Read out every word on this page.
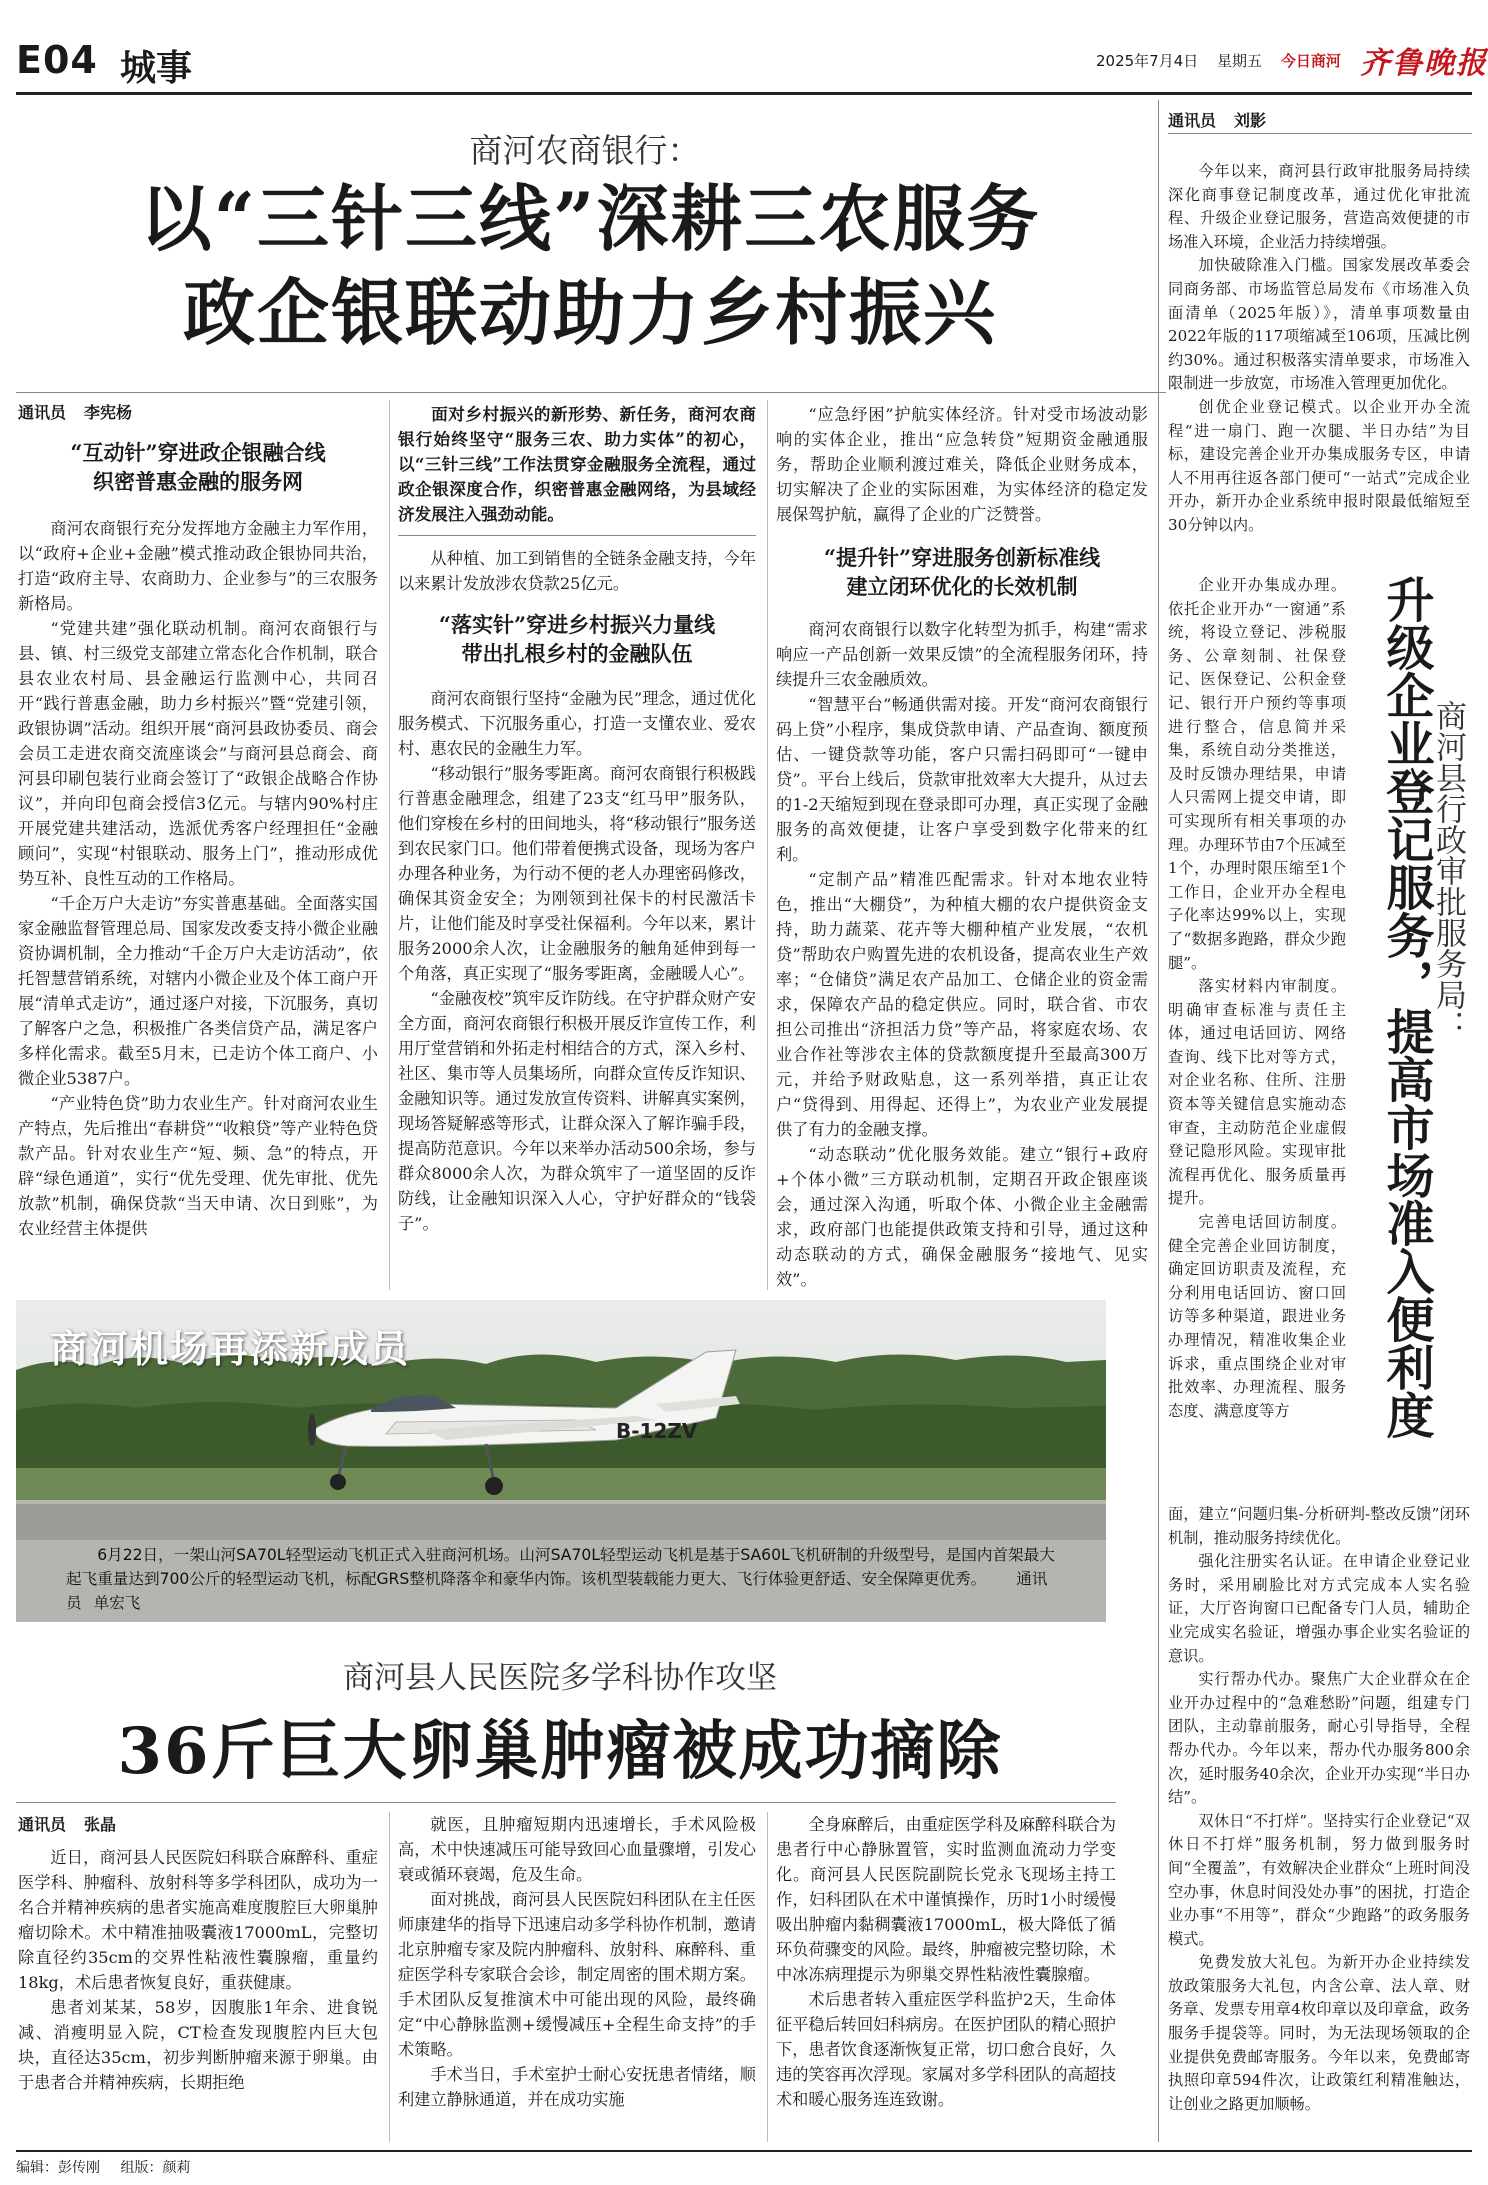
E04 城事	2025年7月4日 星期五 今日商河 齐鲁晚报
商河农商银行：
以“三针三线”深耕三农服务
政企银联动助力乡村振兴
通讯员 李宪杨
“互动针”穿进政企银融合线
织密普惠金融的服务网

商河农商银行充分发挥地方金融主力军作用，以“政府+企业+金融”模式推动政企银协同共治，打造“政府主导、农商助力、企业参与”的三农服务新格局。

“党建共建”强化联动机制。商河农商银行与县、镇、村三级党支部建立常态化合作机制，联合县农业农村局、县金融运行监测中心，共同召开“践行普惠金融，助力乡村振兴”暨“党建引领，政银协调”活动。组织开展“商河县政协委员、商会会员工走进农商交流座谈会”与商河县总商会、商河县印刷包装行业商会签订了“政银企战略合作协议”，并向印包商会授信3亿元。与辖内90%村庄开展党建共建活动，选派优秀客户经理担任“金融顾问”，实现“村银联动、服务上门”，推动形成优势互补、良性互动的工作格局。

“千企万户大走访”夯实普惠基础。全面落实国家金融监督管理总局、国家发改委支持小微企业融资协调机制，全力推动“千企万户大走访活动”，依托智慧营销系统，对辖内小微企业及个体工商户开展“清单式走访”，通过逐户对接，下沉服务，真切了解客户之急，积极推广各类信贷产品，满足客户多样化需求。截至5月末，已走访个体工商户、小微企业5387户。

“产业特色贷”助力农业生产。针对商河农业生产特点，先后推出“春耕贷”“收粮贷”等产业特色贷款产品。针对农业生产“短、频、急”的特点，开辟“绿色通道”，实行“优先受理、优先审批、优先放款”机制，确保贷款“当天申请、次日到账”，为农业经营主体提供

面对乡村振兴的新形势、新任务，商河农商银行始终坚守“服务三农、助力实体”的初心，以“三针三线”工作法贯穿金融服务全流程，通过政企银深度合作，织密普惠金融网络，为县域经济发展注入强劲动能。

从种植、加工到销售的全链条金融支持，今年以来累计发放涉农贷款25亿元。

“落实针”穿进乡村振兴力量线
带出扎根乡村的金融队伍

商河农商银行坚持“金融为民”理念，通过优化服务模式、下沉服务重心，打造一支懂农业、爱农村、惠农民的金融生力军。

“移动银行”服务零距离。商河农商银行积极践行普惠金融理念，组建了23支“红马甲”服务队，他们穿梭在乡村的田间地头，将“移动银行”服务送到农民家门口。他们带着便携式设备，现场为客户办理各种业务，为行动不便的老人办理密码修改，确保其资金安全；为刚领到社保卡的村民激活卡片，让他们能及时享受社保福利。今年以来，累计服务2000余人次，让金融服务的触角延伸到每一个角落，真正实现了“服务零距离，金融暖人心”。

“金融夜校”筑牢反诈防线。在守护群众财产安全方面，商河农商银行积极开展反诈宣传工作，利用厅堂营销和外拓走村相结合的方式，深入乡村、社区、集市等人员集场所，向群众宣传反诈知识、金融知识等。通过发放宣传资料、讲解真实案例，现场答疑解惑等形式，让群众深入了解诈骗手段，提高防范意识。今年以来举办活动500余场，参与群众8000余人次，为群众筑牢了一道坚固的反诈防线，让金融知识深入人心，守护好群众的“钱袋子”。

“应急纾困”护航实体经济。针对受市场波动影响的实体企业，推出“应急转贷”短期资金融通服务，帮助企业顺利渡过难关，降低企业财务成本，切实解决了企业的实际困难，为实体经济的稳定发展保驾护航，赢得了企业的广泛赞誉。

“提升针”穿进服务创新标准线
建立闭环优化的长效机制

商河农商银行以数字化转型为抓手，构建“需求响应一产品创新一效果反馈”的全流程服务闭环，持续提升三农金融质效。

“智慧平台”畅通供需对接。开发“商河农商银行码上贷”小程序，集成贷款申请、产品查询、额度预估、一键贷款等功能，客户只需扫码即可“一键申贷”。平台上线后，贷款审批效率大大提升，从过去的1-2天缩短到现在登录即可办理，真正实现了金融服务的高效便捷，让客户享受到数字化带来的红利。

“定制产品”精准匹配需求。针对本地农业特色，推出“大棚贷”，为种植大棚的农户提供资金支持，助力蔬菜、花卉等大棚种植产业发展，“农机贷”帮助农户购置先进的农机设备，提高农业生产效率；“仓储贷”满足农产品加工、仓储企业的资金需求，保障农产品的稳定供应。同时，联合省、市农担公司推出“济担活力贷”等产品，将家庭农场、农业合作社等涉农主体的贷款额度提升至最高300万元，并给予财政贴息，这一系列举措，真正让农户“贷得到、用得起、还得上”，为农业产业发展提供了有力的金融支撑。

“动态联动”优化服务效能。建立“银行+政府+个体小微”三方联动机制，定期召开政企银座谈会，通过深入沟通，听取个体、小微企业主金融需求，政府部门也能提供政策支持和引导，通过这种动态联动的方式，确保金融服务“接地气、见实效”。

B-12ZV
商河机场再添新成员
6月22日，一架山河SA70L轻型运动飞机正式入驻商河机场。山河SA70L轻型运动飞机是基于SA60L飞机研制的升级型号，是国内首架最大起飞重量达到700公斤的轻型运动飞机，标配GRS整机降落伞和豪华内饰。该机型装载能力更大、飞行体验更舒适、安全保障更优秀。 通讯员 单宏飞
商河县人民医院多学科协作攻坚
36斤巨大卵巢肿瘤被成功摘除
通讯员 张晶

近日，商河县人民医院妇科联合麻醉科、重症医学科、肿瘤科、放射科等多学科团队，成功为一名合并精神疾病的患者实施高难度腹腔巨大卵巢肿瘤切除术。术中精准抽吸囊液17000mL，完整切除直径约35cm的交界性粘液性囊腺瘤，重量约18kg，术后患者恢复良好，重获健康。

患者刘某某，58岁，因腹胀1年余、进食锐减、消瘦明显入院，CT检查发现腹腔内巨大包块，直径达35cm，初步判断肿瘤来源于卵巢。由于患者合并精神疾病，长期拒绝

就医，且肿瘤短期内迅速增长，手术风险极高，术中快速减压可能导致回心血量骤增，引发心衰或循环衰竭，危及生命。

面对挑战，商河县人民医院妇科团队在主任医师康建华的指导下迅速启动多学科协作机制，邀请北京肿瘤专家及院内肿瘤科、放射科、麻醉科、重症医学科专家联合会诊，制定周密的围术期方案。手术团队反复推演术中可能出现的风险，最终确定“中心静脉监测+缓慢减压+全程生命支持”的手术策略。

手术当日，手术室护士耐心安抚患者情绪，顺利建立静脉通道，并在成功实施

全身麻醉后，由重症医学科及麻醉科联合为患者行中心静脉置管，实时监测血流动力学变化。商河县人民医院副院长党永飞现场主持工作，妇科团队在术中谨慎操作，历时1小时缓慢吸出肿瘤内黏稠囊液17000mL，极大降低了循环负荷骤变的风险。最终，肿瘤被完整切除，术中冰冻病理提示为卵巢交界性粘液性囊腺瘤。

术后患者转入重症医学科监护2天，生命体征平稳后转回妇科病房。在医护团队的精心照护下，患者饮食逐渐恢复正常，切口愈合良好，久违的笑容再次浮现。家属对多学科团队的高超技术和暖心服务连连致谢。

通讯员 刘影

今年以来，商河县行政审批服务局持续深化商事登记制度改革，通过优化审批流程、升级企业登记服务，营造高效便捷的市场准入环境，企业活力持续增强。

加快破除准入门槛。国家发展改革委会同商务部、市场监管总局发布《市场准入负面清单（2025年版）》，清单事项数量由2022年版的117项缩减至106项，压减比例约30%。通过积极落实清单要求，市场准入限制进一步放宽，市场准入管理更加优化。

创优企业登记模式。以企业开办全流程“进一扇门、跑一次腿、半日办结”为目标，建设完善企业开办集成服务专区，申请人不用再往返各部门便可“一站式”完成企业开办，新开办企业系统申报时限最低缩短至30分钟以内。

企业开办集成办理。依托企业开办“一窗通”系统，将设立登记、涉税服务、公章刻制、社保登记、医保登记、公积金登记、银行开户预约等事项进行整合，信息简并采集，系统自动分类推送，及时反馈办理结果，申请人只需网上提交申请，即可实现所有相关事项的办理。办理环节由7个压减至1个，办理时限压缩至1个工作日，企业开办全程电子化率达99%以上，实现了“数据多跑路，群众少跑腿”。

落实材料内审制度。明确审查标准与责任主体，通过电话回访、网络查询、线下比对等方式，对企业名称、住所、注册资本等关键信息实施动态审查，主动防范企业虚假登记隐形风险。实现审批流程再优化、服务质量再提升。

完善电话回访制度。健全完善企业回访制度，确定回访职责及流程，充分利用电话回访、窗口回访等多种渠道，跟进业务办理情况，精准收集企业诉求，重点围绕企业对审批效率、办理流程、服务态度、满意度等方	升级企业登记服务，提高市场准入便利度
商河县行政审批服务局：

面，建立“问题归集-分析研判-整改反馈”闭环机制，推动服务持续优化。

强化注册实名认证。在申请企业登记业务时，采用刷脸比对方式完成本人实名验证，大厅咨询窗口已配备专门人员，辅助企业完成实名验证，增强办事企业实名验证的意识。

实行帮办代办。聚焦广大企业群众在企业开办过程中的“急难愁盼”问题，组建专门团队，主动靠前服务，耐心引导指导，全程帮办代办。今年以来，帮办代办服务800余次，延时服务40余次，企业开办实现“半日办结”。

双休日“不打烊”。坚持实行企业登记“双休日不打烊”服务机制，努力做到服务时间“全覆盖”，有效解决企业群众“上班时间没空办事，休息时间没处办事”的困扰，打造企业办事“不用等”，群众“少跑路”的政务服务模式。

免费发放大礼包。为新开办企业持续发放政策服务大礼包，内含公章、法人章、财务章、发票专用章4枚印章以及印章盒，政务服务手提袋等。同时，为无法现场领取的企业提供免费邮寄服务。今年以来，免费邮寄执照印章594件次，让政策红利精准触达，让创业之路更加顺畅。

编辑：彭传刚 组版：颜莉
